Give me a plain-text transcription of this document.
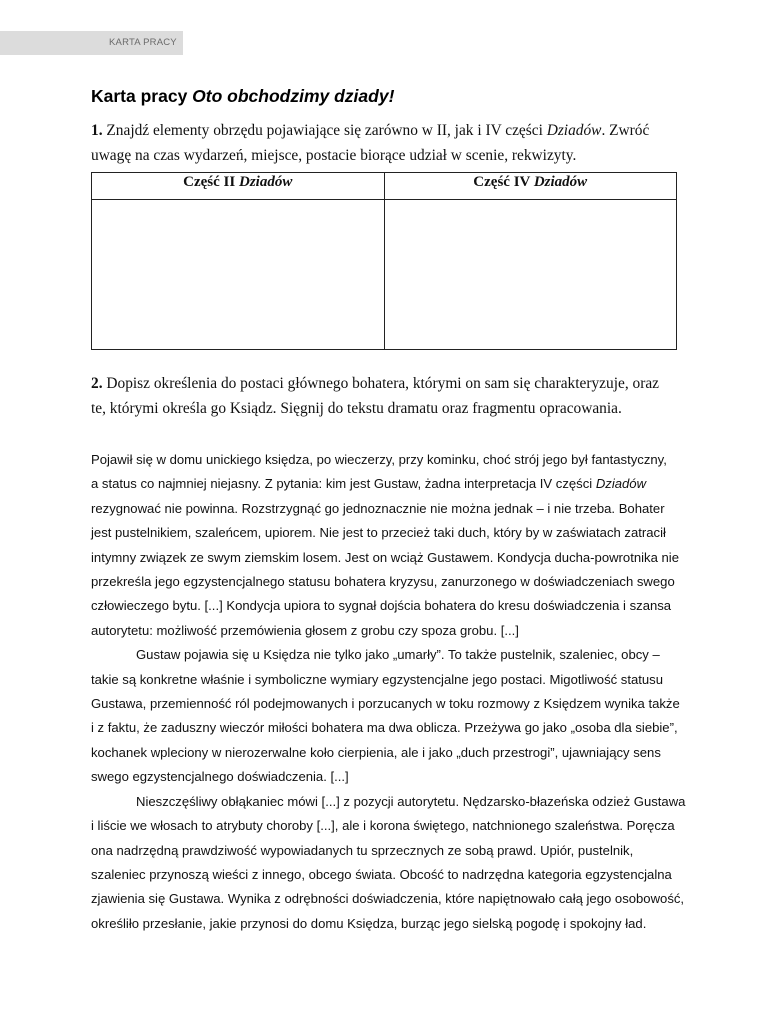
KARTA PRACY
Karta pracy Oto obchodzimy dziady!

1. Znajdź elementy obrzędu pojawiające się zarówno w II, jak i IV części Dziadów. Zwróć
uwagę na czas wydarzeń, miejsce, postacie biorące udział w scenie, rekwizyty.

Część II Dziadów	Część IV Dziadów

2. Dopisz określenia do postaci głównego bohatera, którymi on sam się charakteryzuje, oraz
te, którymi określa go Ksiądz. Sięgnij do tekstu dramatu oraz fragmentu opracowania.

Pojawił się w domu unickiego księdza, po wieczerzy, przy kominku, choć strój jego był fantastyczny,
a status co najmniej niejasny. Z pytania: kim jest Gustaw, żadna interpretacja IV części Dziadów
rezygnować nie powinna. Rozstrzygnąć go jednoznacznie nie można jednak – i nie trzeba. Bohater
jest pustelnikiem, szaleńcem, upiorem. Nie jest to przecież taki duch, który by w zaświatach zatracił
intymny związek ze swym ziemskim losem. Jest on wciąż Gustawem. Kondycja ducha-powrotnika nie
przekreśla jego egzystencjalnego statusu bohatera kryzysu, zanurzonego w doświadczeniach swego
człowieczego bytu. [...] Kondycja upiora to sygnał dojścia bohatera do kresu doświadczenia i szansa
autorytetu: możliwość przemówienia głosem z grobu czy spoza grobu. [...]
Gustaw pojawia się u Księdza nie tylko jako „umarły”. To także pustelnik, szaleniec, obcy –
takie są konkretne właśnie i symboliczne wymiary egzystencjalne jego postaci. Migotliwość statusu
Gustawa, przemienność ról podejmowanych i porzucanych w toku rozmowy z Księdzem wynika także
i z faktu, że zaduszny wieczór miłości bohatera ma dwa oblicza. Przeżywa go jako „osoba dla siebie”,
kochanek wpleciony w nierozerwalne koło cierpienia, ale i jako „duch przestrogi”, ujawniający sens
swego egzystencjalnego doświadczenia. [...]
Nieszczęśliwy obłąkaniec mówi [...] z pozycji autorytetu. Nędzarsko-błazeńska odzież Gustawa
i liście we włosach to atrybuty choroby [...], ale i korona świętego, natchnionego szaleństwa. Poręcza
ona nadrzędną prawdziwość wypowiadanych tu sprzecznych ze sobą prawd. Upiór, pustelnik,
szaleniec przynoszą wieści z innego, obcego świata. Obcość to nadrzędna kategoria egzystencjalna
zjawienia się Gustawa. Wynika z odrębności doświadczenia, które napiętnowało całą jego osobowość,
określiło przesłanie, jakie przynosi do domu Księdza, burząc jego sielską pogodę i spokojny ład.
